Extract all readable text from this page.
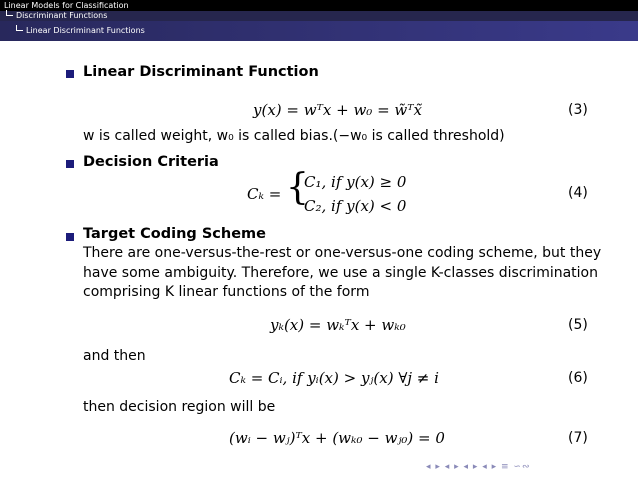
Linear Models for Classification
Discriminant Functions
Linear Discriminant Functions
Linear Discriminant Function
y(x) = wᵀx + w₀ = w̃ᵀx̃	(3)
w is called weight, w₀ is called bias.(−w₀ is called threshold)
Decision Criteria
Cₖ = {
C₁, if y(x) ≥ 0
C₂, if y(x) < 0
(4)
Target Coding Scheme
There are one-versus-the-rest or one-versus-one coding scheme, but they
have some ambiguity. Therefore, we use a single K-classes discrimination
comprising K linear functions of the form
yₖ(x) = wₖᵀx + wₖ₀	(5)
and then
Cₖ = Cᵢ, if yᵢ(x) > yⱼ(x) ∀j ≠ i	(6)
then decision region will be
(wᵢ − wⱼ)ᵀx + (wₖ₀ − wⱼ₀) = 0	(7)
◂ ▸ ◂ ▸ ◂ ▸ ◂ ▸ ≡ ∽∾
